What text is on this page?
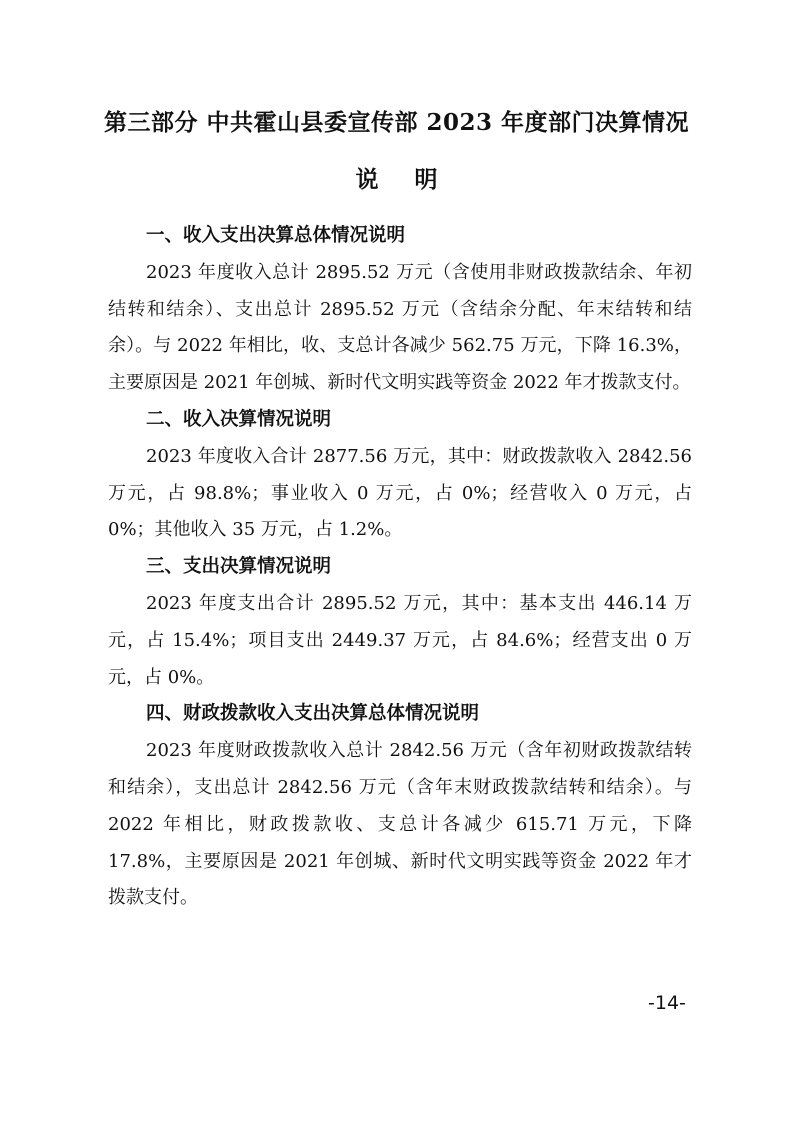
第三部分 中共霍山县委宣传部 2023 年度部门决算情况
说明

一、收入支出决算总体情况说明

2023 年度收入总计 2895.52 万元（含使用非财政拨款结余、年初结转和结余）、支出总计 2895.52 万元（含结余分配、年末结转和结余）。与 2022 年相比，收、支总计各减少 562.75 万元，下降 16.3%，主要原因是 2021 年创城、新时代文明实践等资金 2022 年才拨款支付。

二、收入决算情况说明

2023 年度收入合计 2877.56 万元，其中：财政拨款收入 2842.56 万元，占 98.8%；事业收入 0 万元，占 0%；经营收入 0 万元，占 0%；其他收入 35 万元，占 1.2%。

三、支出决算情况说明

2023 年度支出合计 2895.52 万元，其中：基本支出 446.14 万元，占 15.4%；项目支出 2449.37 万元，占 84.6%；经营支出 0 万元，占 0%。

四、财政拨款收入支出决算总体情况说明

2023 年度财政拨款收入总计 2842.56 万元（含年初财政拨款结转和结余），支出总计 2842.56 万元（含年末财政拨款结转和结余）。与 2022 年相比，财政拨款收、支总计各减少 615.71 万元，下降 17.8%，主要原因是 2021 年创城、新时代文明实践等资金 2022 年才拨款支付。

-14-
